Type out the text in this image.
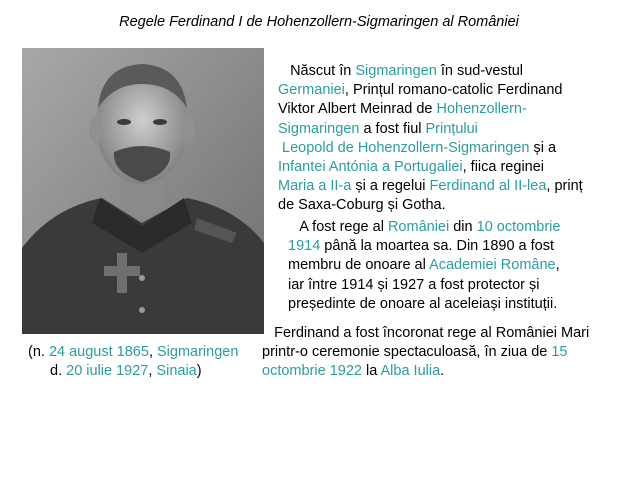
Regele Ferdinand I de Hohenzollern-Sigmaringen al României
Născut în Sigmaringen în sud-vestul
Germaniei, Prințul romano-catolic Ferdinand
Viktor Albert Meinrad de Hohenzollern-
Sigmaringen a fost fiul Prințului
Leopold de Hohenzollern-Sigmaringen și a
Infantei Antónia a Portugaliei, fiica reginei
Maria a II-a și a regelui Ferdinand al II-lea, prinț
de Saxa-Coburg și Gotha.
A fost rege al României din 10 octombrie
1914 până la moartea sa. Din 1890 a fost
membru de onoare al Academiei Române,
iar între 1914 și 1927 a fost protector și
președinte de onoare al aceleiași instituții.
Ferdinand a fost încoronat rege al României Mari
printr-o ceremonie spectaculoasă, în ziua de 15
octombrie 1922 la Alba Iulia.
(n. 24 august 1865, Sigmaringen
d. 20 iulie 1927, Sinaia)
